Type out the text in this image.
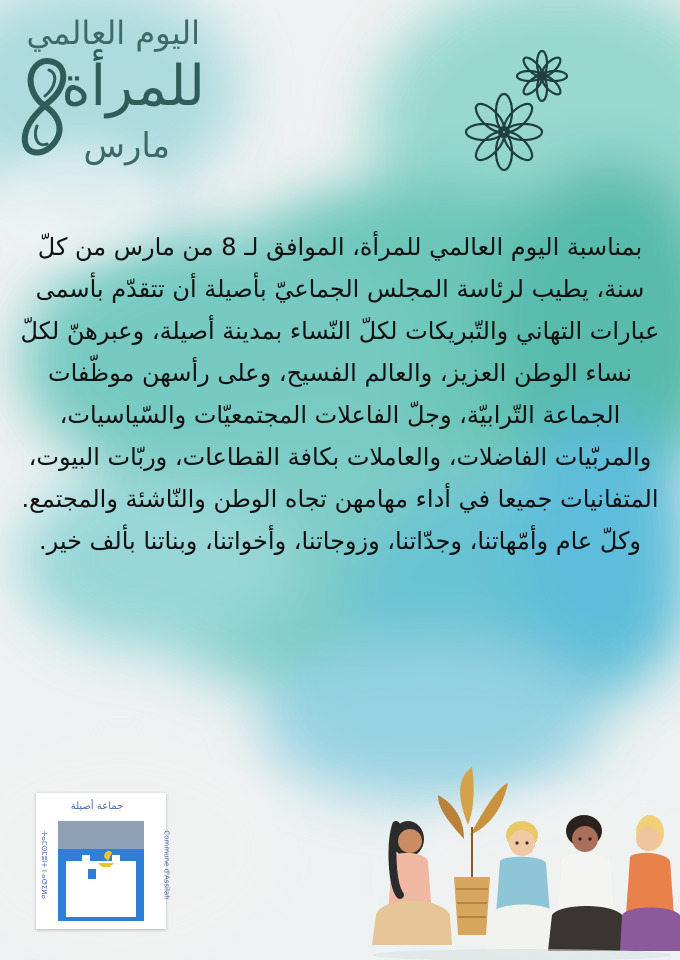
اليوم العالمي
للمرأة
مارس

بمناسبة اليوم العالمي للمرأة، الموافق لـ 8 من مارس من كلّ سنة، يطيب لرئاسة المجلس الجماعيّ بأصيلة أن تتقدّم بأسمى عبارات التهاني والتّبريكات لكلّ النّساء بمدينة أصيلة، وعبرهنّ لكلّ نساء الوطن العزيز، والعالم الفسيح، وعلى رأسهن موظّفات الجماعة التّرابيّة، وجلّ الفاعلات المجتمعيّات والسّياسيات، والمربّيات الفاضلات، والعاملات بكافة القطاعات، وربّات البيوت، المتفانيات جميعا في أداء مهامهن تجاه الوطن والنّاشئة والمجتمع.

وكلّ عام وأمّهاتنا، وجدّاتنا، وزوجاتنا، وأخواتنا، وبناتنا بألف خير.

جماعة أصيلة
Commune d'Assilah
ⵜⴰⵎⵙⵎⵓⵏⵜ ⵏ ⴰⵚⵉⵍⴰ
